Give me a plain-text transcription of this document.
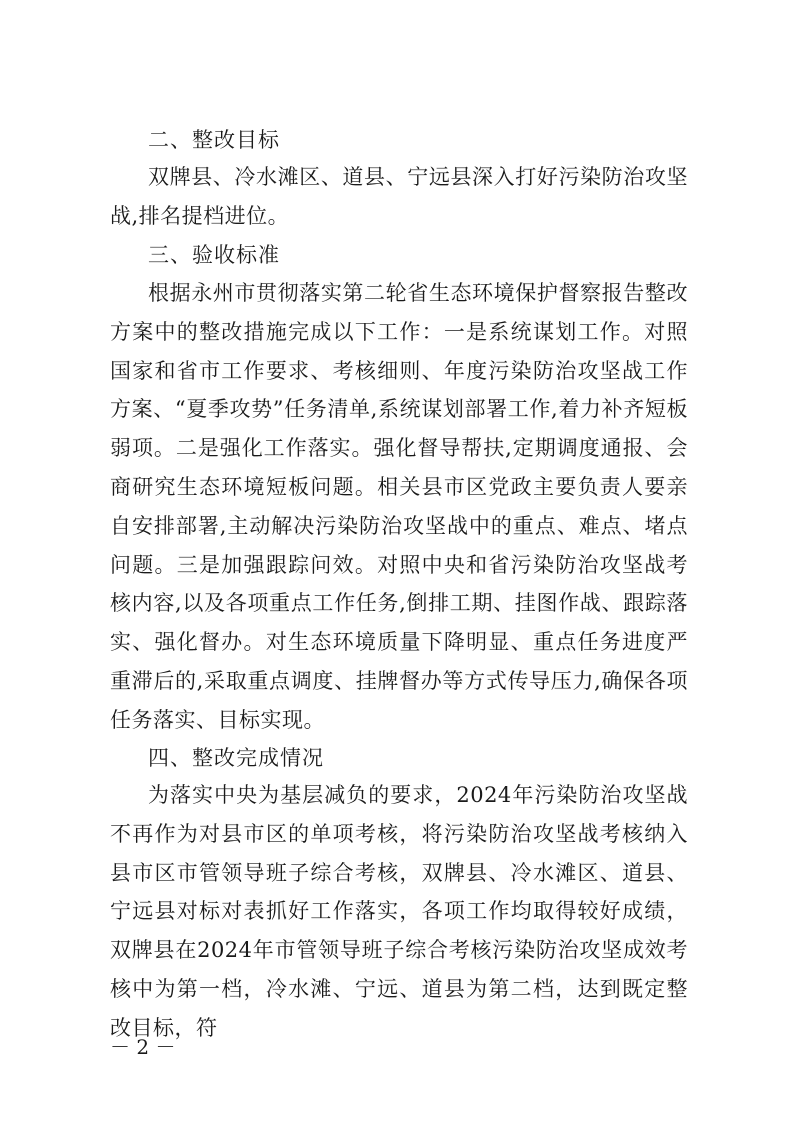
二、整改目标

双牌县、冷水滩区、道县、宁远县深入打好污染防治攻坚战,排名提档进位。

三、验收标准

根据永州市贯彻落实第二轮省生态环境保护督察报告整改方案中的整改措施完成以下工作：一是系统谋划工作。对照国家和省市工作要求、考核细则、年度污染防治攻坚战工作方案、“夏季攻势”任务清单,系统谋划部署工作,着力补齐短板弱项。二是强化工作落实。强化督导帮扶,定期调度通报、会商研究生态环境短板问题。相关县市区党政主要负责人要亲自安排部署,主动解决污染防治攻坚战中的重点、难点、堵点问题。三是加强跟踪问效。对照中央和省污染防治攻坚战考核内容,以及各项重点工作任务,倒排工期、挂图作战、跟踪落实、强化督办。对生态环境质量下降明显、重点任务进度严重滞后的,采取重点调度、挂牌督办等方式传导压力,确保各项任务落实、目标实现。

四、整改完成情况

为落实中央为基层减负的要求，2024年污染防治攻坚战不再作为对县市区的单项考核，将污染防治攻坚战考核纳入县市区市管领导班子综合考核，双牌县、冷水滩区、道县、宁远县对标对表抓好工作落实，各项工作均取得较好成绩，双牌县在2024年市管领导班子综合考核污染防治攻坚成效考核中为第一档，冷水滩、宁远、道县为第二档，达到既定整改目标，符

－ 2 －
